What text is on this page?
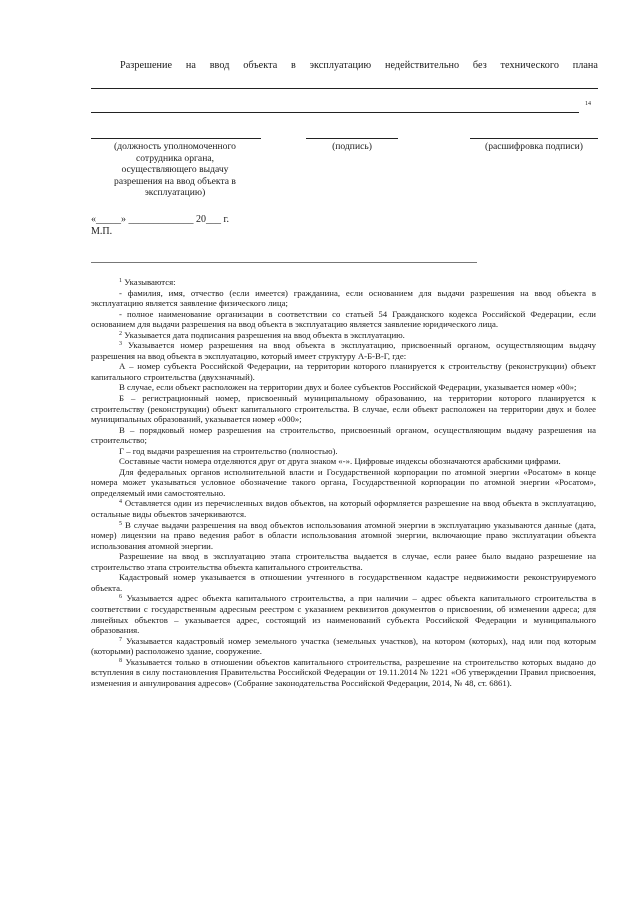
Разрешение на ввод объекта в эксплуатацию недействительно без технического плана
14
(должность уполномоченного сотрудника органа, осуществляющего выдачу разрешения на ввод объекта в эксплуатацию)
(подпись)	(расшифровка подписи)
«_____» _____________ 20___ г.
М.П.

$^1$ Указываются:

- фамилия, имя, отчество (если имеется) гражданина, если основанием для выдачи разрешения на ввод объекта в эксплуатацию является заявление физического лица;

- полное наименование организации в соответствии со статьей 54 Гражданского кодекса Российской Федерации, если основанием для выдачи разрешения на ввод объекта в эксплуатацию является заявление юридического лица.

$^2$ Указывается дата подписания разрешения на ввод объекта в эксплуатацию.

$^3$ Указывается номер разрешения на ввод объекта в эксплуатацию, присвоенный органом, осуществляющим выдачу разрешения на ввод объекта в эксплуатацию, который имеет структуру А-Б-В-Г, где:

А – номер субъекта Российской Федерации, на территории которого планируется к строительству (реконструкции) объект капитального строительства (двухзначный).

В случае, если объект расположен на территории двух и более субъектов Российской Федерации, указывается номер «00»;

Б – регистрационный номер, присвоенный муниципальному образованию, на территории которого планируется к строительству (реконструкции) объект капитального строительства. В случае, если объект расположен на территории двух и более муниципальных образований, указывается номер «000»;

В – порядковый номер разрешения на строительство, присвоенный органом, осуществляющим выдачу разрешения на строительство;

Г – год выдачи разрешения на строительство (полностью).

Составные части номера отделяются друг от друга знаком «-». Цифровые индексы обозначаются арабскими цифрами.

Для федеральных органов исполнительной власти и Государственной корпорации по атомной энергии «Росатом» в конце номера может указываться условное обозначение такого органа, Государственной корпорации по атомной энергии «Росатом», определяемый ими самостоятельно.

$^4$ Оставляется один из перечисленных видов объектов, на который оформляется разрешение на ввод объекта в эксплуатацию, остальные виды объектов зачеркиваются.

$^5$ В случае выдачи разрешения на ввод объектов использования атомной энергии в эксплуатацию указываются данные (дата, номер) лицензии на право ведения работ в области использования атомной энергии, включающие право эксплуатации объекта использования атомной энергии.

Разрешение на ввод в эксплуатацию этапа строительства выдается в случае, если ранее было выдано разрешение на строительство этапа строительства объекта капитального строительства.

Кадастровый номер указывается в отношении учтенного в государственном кадастре недвижимости реконструируемого объекта.

$^6$ Указывается адрес объекта капитального строительства, а при наличии – адрес объекта капитального строительства в соответствии с государственным адресным реестром с указанием реквизитов документов о присвоении, об изменении адреса; для линейных объектов – указывается адрес, состоящий из наименований субъекта Российской Федерации и муниципального образования.

$^7$ Указывается кадастровый номер земельного участка (земельных участков), на котором (которых), над или под которым (которыми) расположено здание, сооружение.

$^8$ Указывается только в отношении объектов капитального строительства, разрешение на строительство которых выдано до вступления в силу постановления Правительства Российской Федерации от 19.11.2014 № 1221 «Об утверждении Правил присвоения, изменения и аннулирования адресов» (Собрание законодательства Российской Федерации, 2014, № 48, ст. 6861).
